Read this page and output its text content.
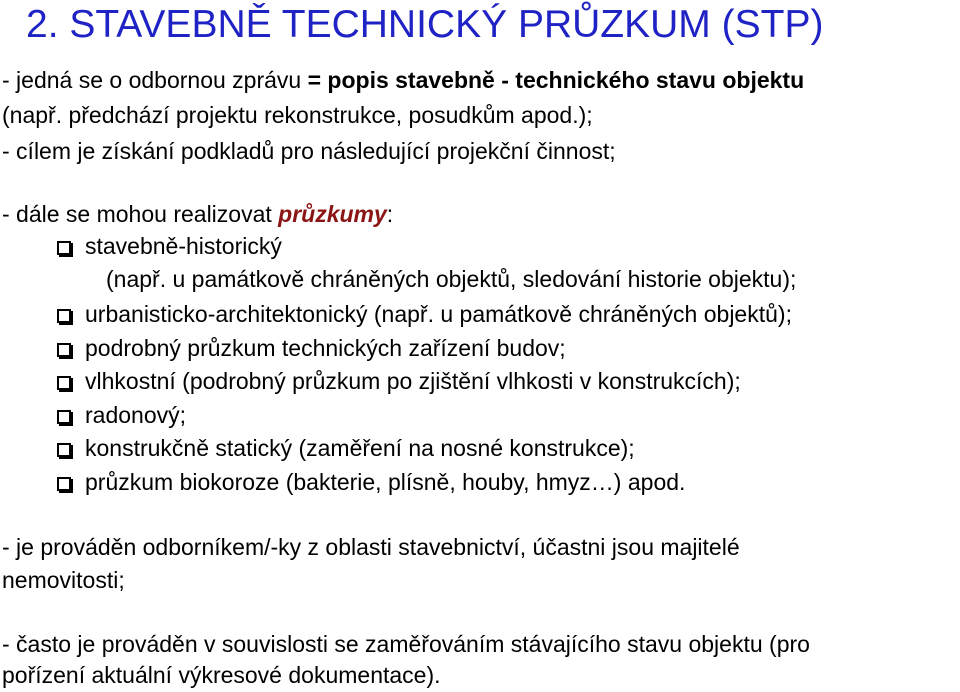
2. STAVEBNĚ TECHNICKÝ PRŮZKUM (STP)
- jedná se o odbornou zprávu = popis stavebně - technického stavu objektu
(např. předchází projektu rekonstrukce, posudkům apod.);
- cílem je získání podkladů pro následující projekční činnost;
- dále se mohou realizovat průzkumy:
stavebně-historický
(např. u památkově chráněných objektů, sledování historie objektu);
urbanisticko-architektonický (např. u památkově chráněných objektů);
podrobný průzkum technických zařízení budov;
vlhkostní (podrobný průzkum po zjištění vlhkosti v konstrukcích);
radonový;
konstrukčně statický (zaměření na nosné konstrukce);
průzkum biokoroze (bakterie, plísně, houby, hmyz…) apod.
- je prováděn odborníkem/-ky z oblasti stavebnictví, účastni jsou majitelé
nemovitosti;
- často je prováděn v souvislosti se zaměřováním stávajícího stavu objektu (pro
pořízení aktuální výkresové dokumentace).
